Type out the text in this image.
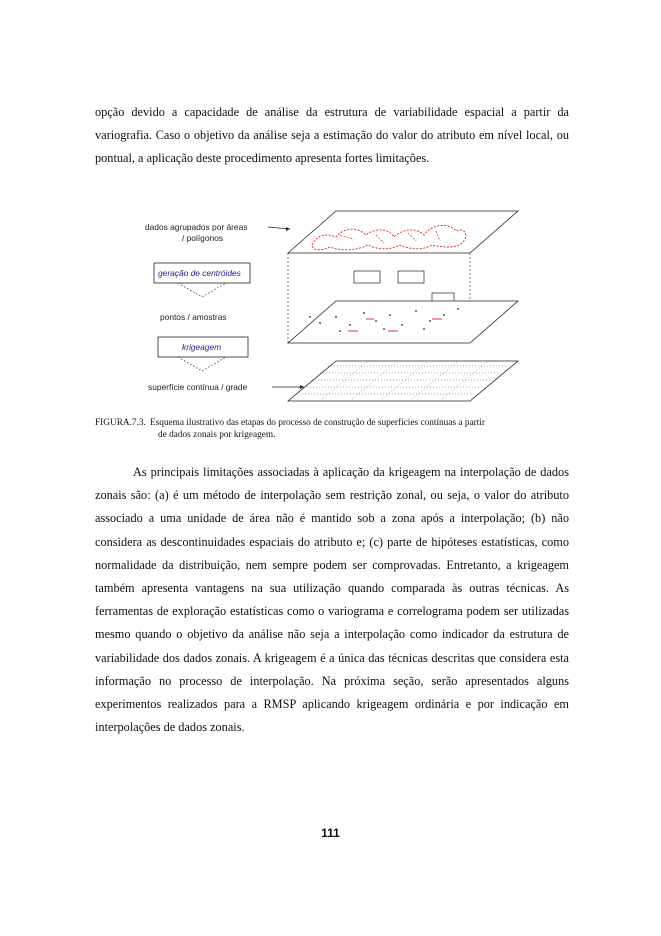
opção devido a capacidade de análise da estrutura de variabilidade espacial a partir da variografia. Caso o objetivo da análise seja a estimação do valor do atributo em nível local, ou pontual, a aplicação deste procedimento apresenta fortes limitações.

dados agrupados por áreas
/ polígonos
geração de centróides
pontos / amostras
krigeagem
superfície contínua / grade

FIGURA.7.3. Esquema ilustrativo das etapas do processo de construção de superfícies contínuas a partir
de dados zonais por krigeagem.

As principais limitações associadas à aplicação da krigeagem na interpolação de dados zonais são: (a) é um método de interpolação sem restrição zonal, ou seja, o valor do atributo associado a uma unidade de área não é mantido sob a zona após a interpolação; (b) não considera as descontinuidades espaciais do atributo e; (c) parte de hipóteses estatísticas, como normalidade da distribuição, nem sempre podem ser comprovadas. Entretanto, a krigeagem também apresenta vantagens na sua utilização quando comparada às outras técnicas. As ferramentas de exploração estatísticas como o variograma e correlograma podem ser utilizadas mesmo quando o objetivo da análise não seja a interpolação como indicador da estrutura de variabilidade dos dados zonais. A krigeagem é a única das técnicas descritas que considera esta informação no processo de interpolação. Na próxima seção, serão apresentados alguns experimentos realizados para a RMSP aplicando krigeagem ordinária e por indicação em interpolações de dados zonais.

111
